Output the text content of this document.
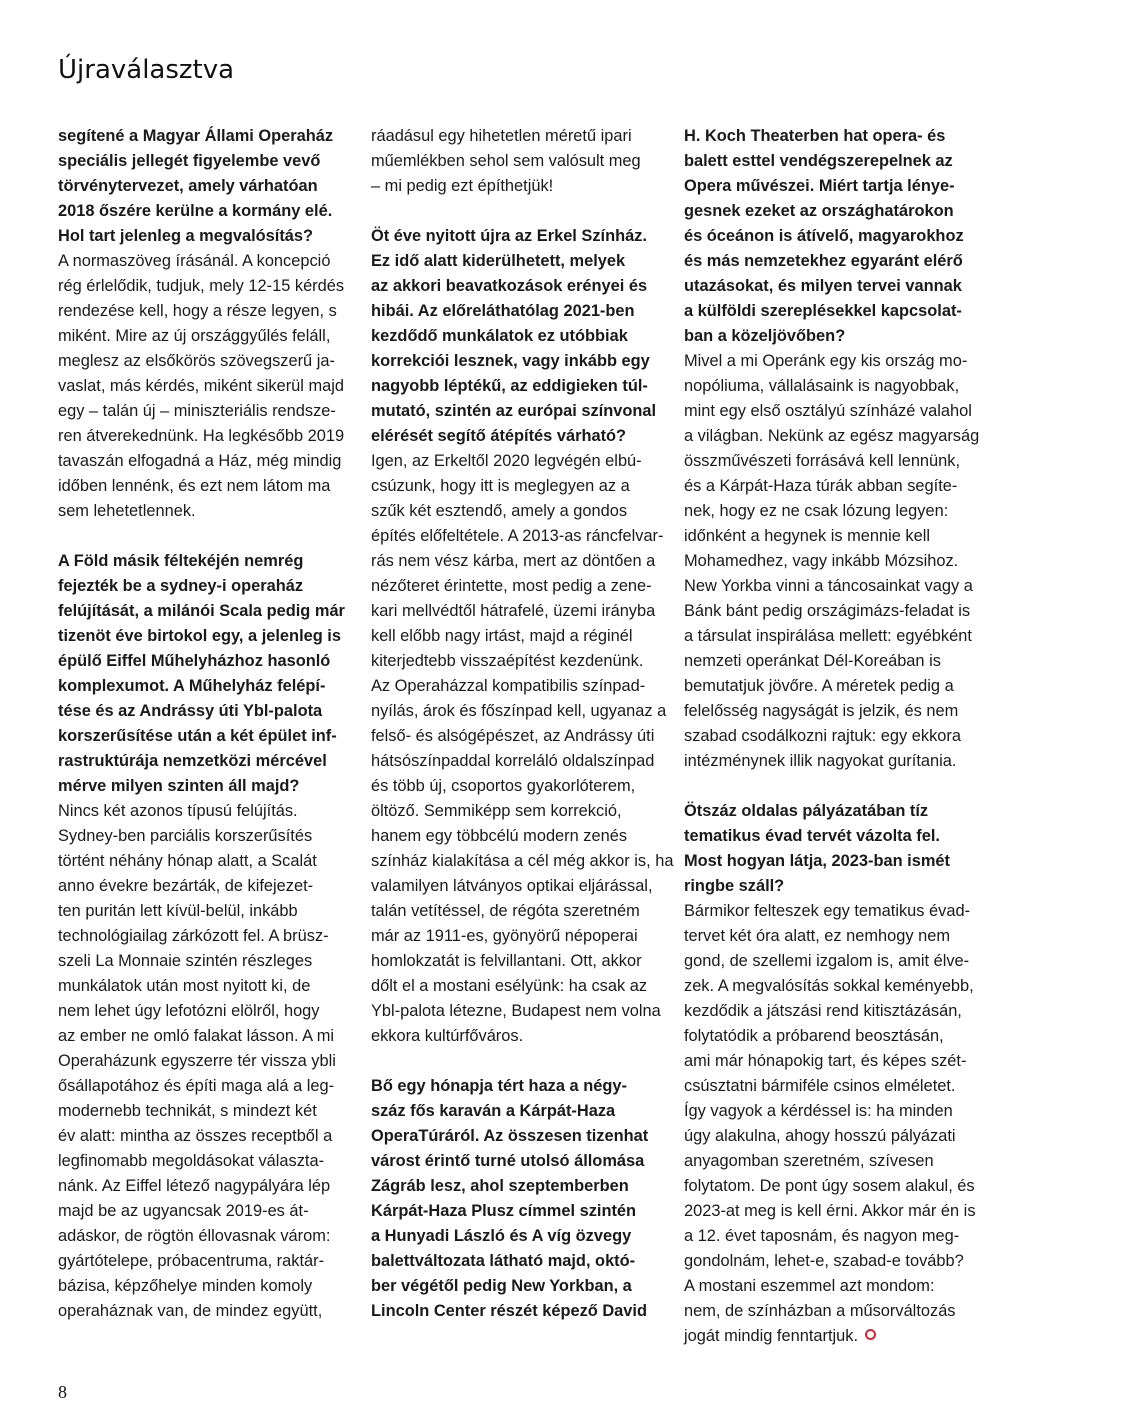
Újraválasztva
segítené a Magyar Állami Operaház
speciális jellegét figyelembe vevő
törvénytervezet, amely várhatóan
2018 őszére kerülne a kormány elé.
Hol tart jelenleg a megvalósítás?
A normaszöveg írásánál. A koncepció
rég érlelődik, tudjuk, mely 12-15 kérdés
rendezése kell, hogy a része legyen, s
miként. Mire az új országgyűlés feláll,
meglesz az elsőkörös szövegszerű ja-
vaslat, más kérdés, miként sikerül majd
egy – talán új – miniszteriális rendsze-
ren átverekednünk. Ha legkésőbb 2019
tavaszán elfogadná a Ház, még mindig
időben lennénk, és ezt nem látom ma
sem lehetetlennek.
A Föld másik féltekéjén nemrég
fejezték be a sydney-i operaház
felújítását, a milánói Scala pedig már
tizenöt éve birtokol egy, a jelenleg is
épülő Eiffel Műhelyházhoz hasonló
komplexumot. A Műhelyház felépí-
tése és az Andrássy úti Ybl-palota
korszerűsítése után a két épület inf-
rastruktúrája nemzetközi mércével
mérve milyen szinten áll majd?
Nincs két azonos típusú felújítás.
Sydney-ben parciális korszerűsítés
történt néhány hónap alatt, a Scalát
anno évekre bezárták, de kifejezet-
ten puritán lett kívül-belül, inkább
technológiailag zárkózott fel. A brüsz-
szeli La Monnaie szintén részleges
munkálatok után most nyitott ki, de
nem lehet úgy lefotózni elölről, hogy
az ember ne omló falakat lásson. A mi
Operaházunk egyszerre tér vissza ybli
ősállapotához és építi maga alá a leg-
modernebb technikát, s mindezt két
év alatt: mintha az összes receptből a
legfinomabb megoldásokat választa-
nánk. Az Eiffel létező nagypályára lép
majd be az ugyancsak 2019-es át-
adáskor, de rögtön éllovasnak várom:
gyártótelepe, próbacentruma, raktár-
bázisa, képzőhelye minden komoly
operaháznak van, de mindez együtt,
ráadásul egy hihetetlen méretű ipari
műemlékben sehol sem valósult meg
– mi pedig ezt építhetjük!
Öt éve nyitott újra az Erkel Színház.
Ez idő alatt kiderülhetett, melyek
az akkori beavatkozások erényei és
hibái. Az előreláthatólag 2021-ben
kezdődő munkálatok ez utóbbiak
korrekciói lesznek, vagy inkább egy
nagyobb léptékű, az eddigieken túl-
mutató, szintén az európai színvonal
elérését segítő átépítés várható?
Igen, az Erkeltől 2020 legvégén elbú-
csúzunk, hogy itt is meglegyen az a
szűk két esztendő, amely a gondos
építés előfeltétele. A 2013-as ráncfelvar-
rás nem vész kárba, mert az döntően a
nézőteret érintette, most pedig a zene-
kari mellvédtől hátrafelé, üzemi irányba
kell előbb nagy irtást, majd a réginél
kiterjedtebb visszaépítést kezdenünk.
Az Operaházzal kompatibilis színpad-
nyílás, árok és főszínpad kell, ugyanaz a
felső- és alsógépészet, az Andrássy úti
hátsószínpaddal korreláló oldalszínpad
és több új, csoportos gyakorlóterem,
öltöző. Semmiképp sem korrekció,
hanem egy többcélú modern zenés
színház kialakítása a cél még akkor is, ha
valamilyen látványos optikai eljárással,
talán vetítéssel, de régóta szeretném
már az 1911-es, gyönyörű népoperai
homlokzatát is felvillantani. Ott, akkor
dőlt el a mostani esélyünk: ha csak az
Ybl-palota létezne, Budapest nem volna
ekkora kultúrfőváros.
Bő egy hónapja tért haza a négy-
száz fős karaván a Kárpát-Haza
OperaTúráról. Az összesen tizenhat
várost érintő turné utolsó állomása
Zágráb lesz, ahol szeptemberben
Kárpát-Haza Plusz címmel szintén
a Hunyadi László és A víg özvegy
balettváltozata látható majd, októ-
ber végétől pedig New Yorkban, a
Lincoln Center részét képező David
H. Koch Theaterben hat opera- és
balett esttel vendégszerepelnek az
Opera művészei. Miért tartja lénye-
gesnek ezeket az országhatárokon
és óceánon is átívelő, magyarokhoz
és más nemzetekhez egyaránt elérő
utazásokat, és milyen tervei vannak
a külföldi szereplésekkel kapcsolat-
ban a közeljövőben?
Mivel a mi Operánk egy kis ország mo-
nopóliuma, vállalásaink is nagyobbak,
mint egy első osztályú színházé valahol
a világban. Nekünk az egész magyarság
összművészeti forrásává kell lennünk,
és a Kárpát-Haza túrák abban segíte-
nek, hogy ez ne csak lózung legyen:
időnként a hegynek is mennie kell
Mohamedhez, vagy inkább Mózsihoz.
New Yorkba vinni a táncosainkat vagy a
Bánk bánt pedig országimázs-feladat is
a társulat inspirálása mellett: egyébként
nemzeti operánkat Dél-Koreában is
bemutatjuk jövőre. A méretek pedig a
felelősség nagyságát is jelzik, és nem
szabad csodálkozni rajtuk: egy ekkora
intézménynek illik nagyokat gurítania.
Ötszáz oldalas pályázatában tíz
tematikus évad tervét vázolta fel.
Most hogyan látja, 2023-ban ismét
ringbe száll?
Bármikor felteszek egy tematikus évad-
tervet két óra alatt, ez nemhogy nem
gond, de szellemi izgalom is, amit élve-
zek. A megvalósítás sokkal keményebb,
kezdődik a játszási rend kitisztázásán,
folytatódik a próbarend beosztásán,
ami már hónapokig tart, és képes szét-
csúsztatni bármiféle csinos elméletet.
Így vagyok a kérdéssel is: ha minden
úgy alakulna, ahogy hosszú pályázati
anyagomban szeretném, szívesen
folytatom. De pont úgy sosem alakul, és
2023-at meg is kell érni. Akkor már én is
a 12. évet taposnám, és nagyon meg-
gondolnám, lehet-e, szabad-e tovább?
A mostani eszemmel azt mondom:
nem, de színházban a műsorváltozás
jogát mindig fenntartjuk.
8
